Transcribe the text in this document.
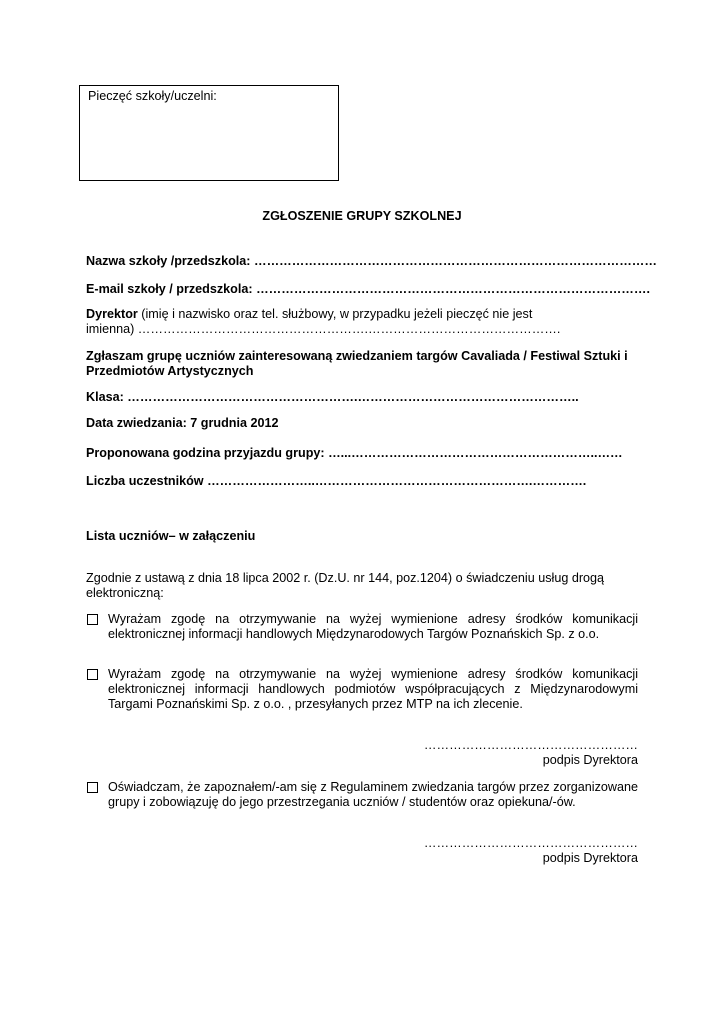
Pieczęć szkoły/uczelni:
ZGŁOSZENIE GRUPY SZKOLNEJ
Nazwa szkoły /przedszkola: ……………………………………………………………………………………
E-mail szkoły / przedszkola: ………………………………………………………………………………….
Dyrektor (imię i nazwisko oraz tel. służbowy, w przypadku jeżeli pieczęć nie jest
imienna) ……………………………………………….……………………………………….
Zgłaszam grupę uczniów zainteresowaną zwiedzaniem targów Cavaliada / Festiwal Sztuki i
Przedmiotów Artystycznych
Klasa: ……………………………………………….……………………………………………..
Data zwiedzania: 7 grudnia 2012
Proponowana godzina przyjazdu grupy: …...…………………………………………………..……
Liczba uczestników ……………………..…………………………………………….………….
Lista uczniów– w załączeniu
Zgodnie z ustawą z dnia 18 lipca 2002 r. (Dz.U. nr 144, poz.1204) o świadczeniu usług drogą
elektroniczną:
Wyrażam zgodę na otrzymywanie na wyżej wymienione adresy środków komunikacji elektronicznej informacji handlowych Międzynarodowych Targów Poznańskich Sp. z o.o.
Wyrażam zgodę na otrzymywanie na wyżej wymienione adresy środków komunikacji elektronicznej informacji handlowych podmiotów współpracujących z Międzynarodowymi Targami Poznańskimi Sp. z o.o. , przesyłanych przez MTP na ich zlecenie.
……………………………………………
podpis Dyrektora
Oświadczam, że zapoznałem/-am się z Regulaminem zwiedzania targów przez zorganizowane grupy i zobowiązuję do jego przestrzegania uczniów / studentów oraz opiekuna/-ów.
……………………………………………
podpis Dyrektora
